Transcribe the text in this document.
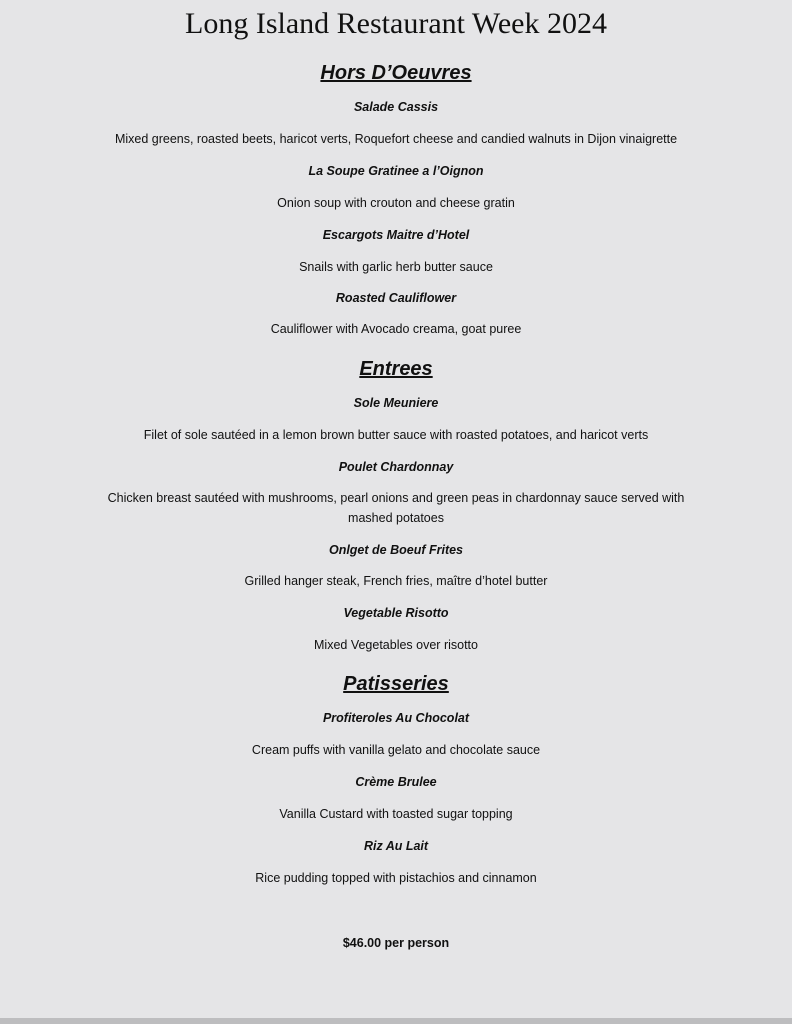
Long Island Restaurant Week 2024
Hors D’Oeuvres
Salade Cassis
Mixed greens, roasted beets, haricot verts, Roquefort cheese and candied walnuts in Dijon vinaigrette
La Soupe Gratinee a l’Oignon
Onion soup with crouton and cheese gratin
Escargots Maitre d’Hotel
Snails with garlic herb butter sauce
Roasted Cauliflower
Cauliflower with Avocado creama, goat puree
Entrees
Sole Meuniere
Filet of sole sautéed in a lemon brown butter sauce with roasted potatoes, and haricot verts
Poulet Chardonnay
Chicken breast sautéed with mushrooms, pearl onions and green peas in chardonnay sauce served with mashed potatoes
Onlget de Boeuf Frites
Grilled hanger steak, French fries, maître d’hotel butter
Vegetable Risotto
Mixed Vegetables over risotto
Patisseries
Profiteroles Au Chocolat
Cream puffs with vanilla gelato and chocolate sauce
Crème Brulee
Vanilla Custard with toasted sugar topping
Riz Au Lait
Rice pudding topped with pistachios and cinnamon
$46.00 per person
